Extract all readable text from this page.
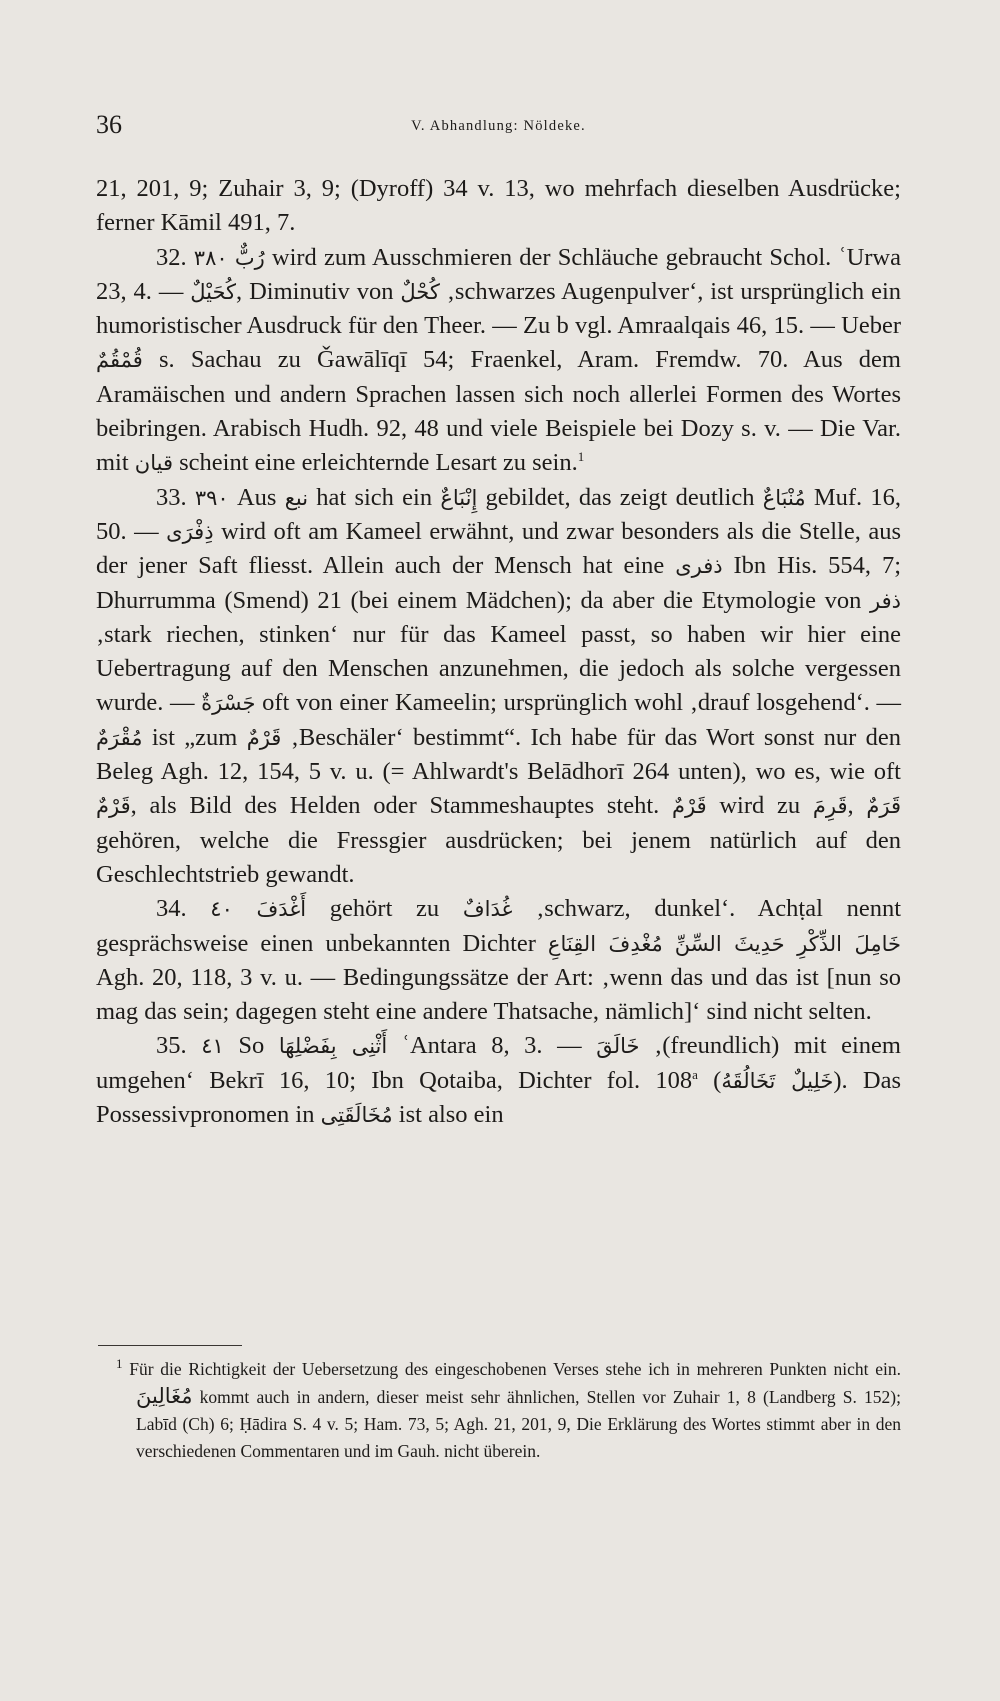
36	V. Abhandlung: Nöldeke.

21, 201, 9; Zuhair 3, 9; (Dyroff) 34 v. 13, wo mehrfach dieselben Ausdrücke; ferner Kāmil 491, 7.

32. ٣٨٠ رُبٌّ wird zum Ausschmieren der Schläuche gebraucht Schol. ʿUrwa 23, 4. — كُحَيْلٌ, Diminutiv von كُحْلٌ ‚schwarzes Augenpulver‘, ist ursprünglich ein humoristischer Ausdruck für den Theer. — Zu b vgl. Amraalqais 46, 15. — Ueber قُمْقُمٌ s. Sachau zu Ǧawālīqī 54; Fraenkel, Aram. Fremdw. 70. Aus dem Aramäischen und andern Sprachen lassen sich noch allerlei Formen des Wortes beibringen. Arabisch Hudh. 92, 48 und viele Beispiele bei Dozy s. v. — Die Var. mit قيان scheint eine erleichternde Lesart zu sein.$^1$

33. ٣٩٠ Aus نبع hat sich ein إِنْبَاعٌ gebildet, das zeigt deutlich مُنْبَاعٌ Muf. 16, 50. — ذِفْرَى wird oft am Kameel erwähnt, und zwar besonders als die Stelle, aus der jener Saft fliesst. Allein auch der Mensch hat eine ذفرى Ibn His. 554, 7; Dhurrumma (Smend) 21 (bei einem Mädchen); da aber die Etymologie von ذفر ‚stark riechen, stinken‘ nur für das Kameel passt, so haben wir hier eine Uebertragung auf den Menschen anzunehmen, die jedoch als solche vergessen wurde. — جَسْرَةٌ oft von einer Kameelin; ursprünglich wohl ‚drauf losgehend‘. — مُقْرَمٌ ist „zum قَرْمٌ ‚Beschäler‘ bestimmt“. Ich habe für das Wort sonst nur den Beleg Agh. 12, 154, 5 v. u. (= Ahlwardt's Belādhorī 264 unten), wo es, wie oft قَرْمٌ, als Bild des Helden oder Stammeshauptes steht. قَرْمٌ wird zu قَرِمَ, قَرَمٌ gehören, welche die Fressgier ausdrücken; bei jenem natürlich auf den Geschlechtstrieb gewandt.

34. ٤٠ أَغْدَفَ gehört zu غُدَافٌ ‚schwarz, dunkel‘. Achṭal nennt gesprächsweise einen unbekannten Dichter مُغْدِفَ القِنَاعِ خَامِلَ الذِّكْرِ حَدِيثَ السِّنِّ Agh. 20, 118, 3 v. u. — Bedingungssätze der Art: ‚wenn das und das ist [nun so mag das sein; dagegen steht eine andere Thatsache, nämlich]‘ sind nicht selten.

35. ٤١ So أَثْنِى بِفَضْلِهَا ʿAntara 8, 3. — خَالَقَ ‚(freundlich) mit einem umgehen‘ Bekrī 16, 10; Ibn Qotaiba, Dichter fol. 108$^a$ (خَلِيلٌ تَخَالُقَهُ). Das Possessivpronomen in مُخَالَقَتِى ist also ein

$^1$ Für die Richtigkeit der Uebersetzung des eingeschobenen Verses stehe ich in mehreren Punkten nicht ein. مُغَالِينَ kommt auch in andern, dieser meist sehr ähnlichen, Stellen vor Zuhair 1, 8 (Landberg S. 152); Labīd (Ch) 6; Ḥādira S. 4 v. 5; Ham. 73, 5; Agh. 21, 201, 9, Die Erklärung des Wortes stimmt aber in den verschiedenen Commentaren und im Gauh. nicht überein.
